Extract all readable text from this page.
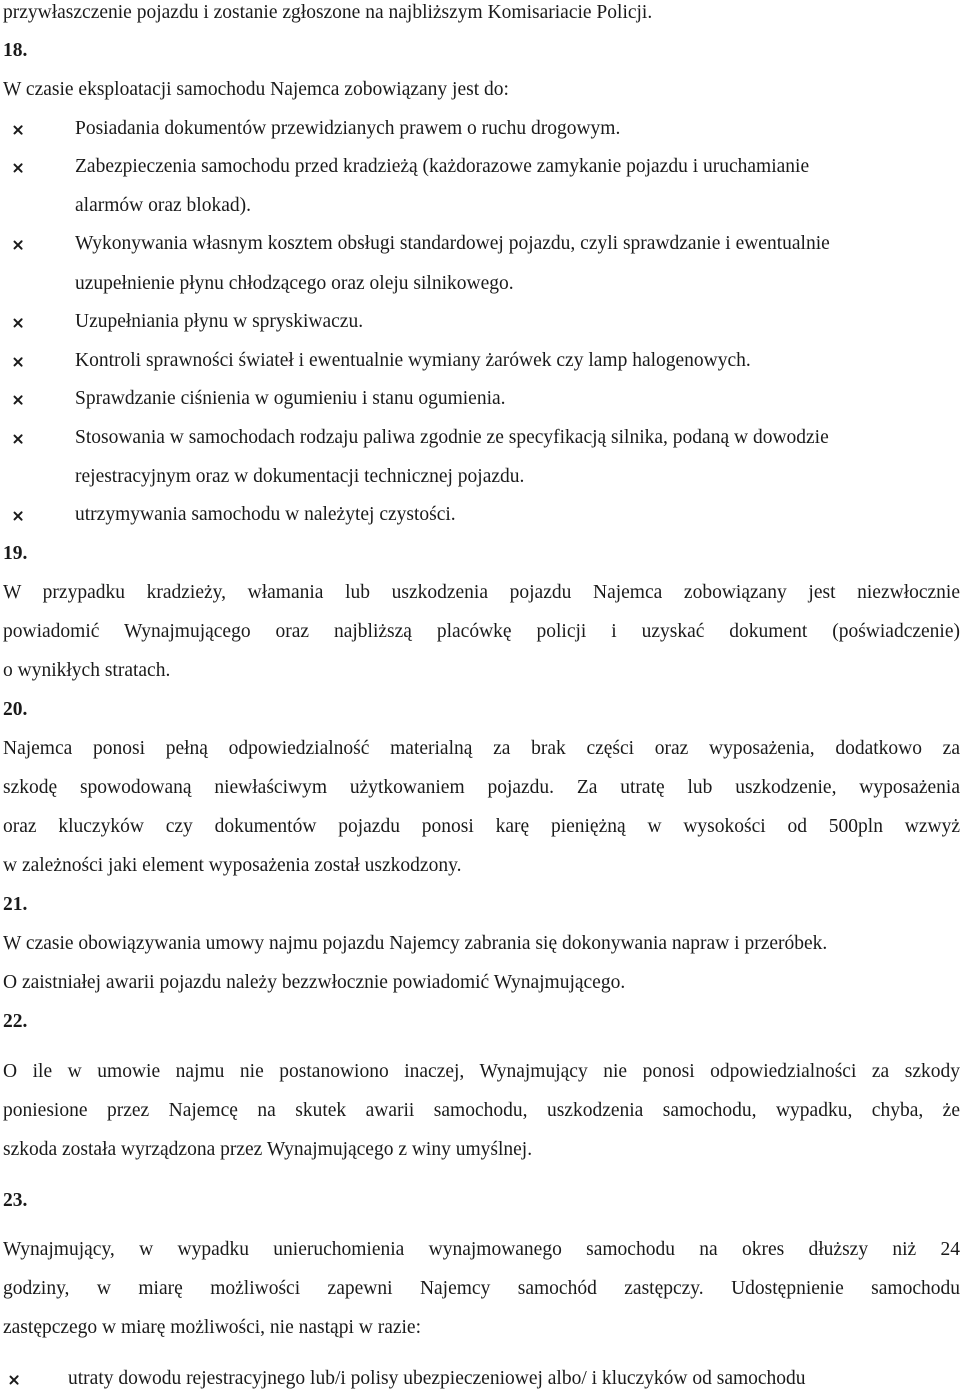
przywłaszczenie pojazdu i zostanie zgłoszone na najbliższym Komisariacie Policji.
18.
W czasie eksploatacji samochodu Najemca zobowiązany jest do:
Posiadania dokumentów przewidzianych prawem o ruchu drogowym.
Zabezpieczenia samochodu przed kradzieżą (każdorazowe zamykanie pojazdu i uruchamianie
alarmów oraz blokad).
Wykonywania własnym kosztem obsługi standardowej pojazdu, czyli sprawdzanie i ewentualnie
uzupełnienie płynu chłodzącego oraz oleju silnikowego.
Uzupełniania płynu w spryskiwaczu.
Kontroli sprawności świateł i ewentualnie wymiany żarówek czy lamp halogenowych.
Sprawdzanie ciśnienia w ogumieniu i stanu ogumienia.
Stosowania w samochodach rodzaju paliwa zgodnie ze specyfikacją silnika, podaną w dowodzie
rejestracyjnym oraz w dokumentacji technicznej pojazdu.
utrzymywania samochodu w należytej czystości.
19.
W przypadku kradzieży, włamania lub uszkodzenia pojazdu Najemca zobowiązany jest niezwłocznie
powiadomić Wynajmującego oraz najbliższą placówkę policji i uzyskać dokument (poświadczenie)
o wynikłych stratach.
20.
Najemca ponosi pełną odpowiedzialność materialną za brak części oraz wyposażenia, dodatkowo za
szkodę spowodowaną niewłaściwym użytkowaniem pojazdu. Za utratę lub uszkodzenie, wyposażenia
oraz kluczyków czy dokumentów pojazdu ponosi karę pieniężną w wysokości od 500pln wzwyż
w zależności jaki element wyposażenia został uszkodzony.
21.
W czasie obowiązywania umowy najmu pojazdu Najemcy zabrania się dokonywania napraw i przeróbek.
O zaistniałej awarii pojazdu należy bezzwłocznie powiadomić Wynajmującego.
22.
O ile w umowie najmu nie postanowiono inaczej, Wynajmujący nie ponosi odpowiedzialności za szkody
poniesione przez Najemcę na skutek awarii samochodu, uszkodzenia samochodu, wypadku, chyba, że
szkoda została wyrządzona przez Wynajmującego z winy umyślnej.
23.
Wynajmujący, w wypadku unieruchomienia wynajmowanego samochodu na okres dłuższy niż 24
godziny, w miarę możliwości zapewni Najemcy samochód zastępczy. Udostępnienie samochodu
zastępczego w miarę możliwości, nie nastąpi w razie:
utraty dowodu rejestracyjnego lub/i polisy ubezpieczeniowej albo/ i kluczyków od samochodu
